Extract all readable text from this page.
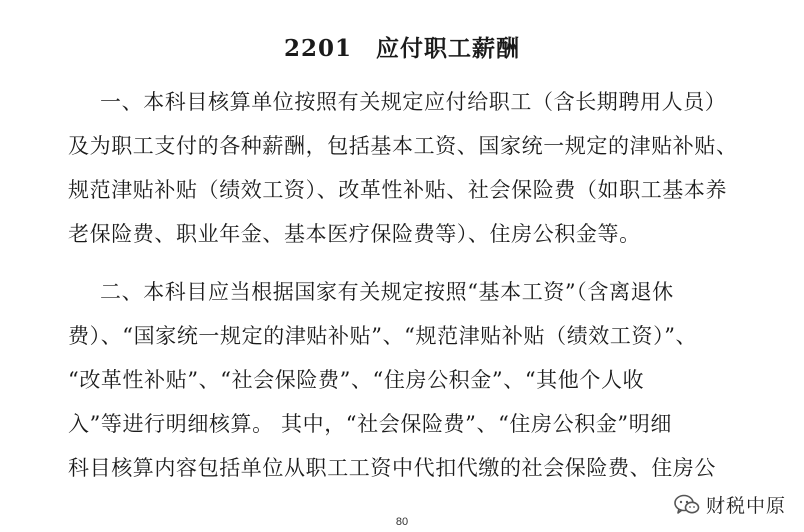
2201　应付职工薪酬
一、本科目核算单位按照有关规定应付给职工（含长期聘用人员）
及为职工支付的各种薪酬，包括基本工资、国家统一规定的津贴补贴、
规范津贴补贴（绩效工资）、改革性补贴、社会保险费（如职工基本养
老保险费、职业年金、基本医疗保险费等）、住房公积金等。
二、本科目应当根据国家有关规定按照“基本工资”（含离退休
费）、“国家统一规定的津贴补贴”、“规范津贴补贴（绩效工资）”、
“改革性补贴”、“社会保险费”、“住房公积金”、“其他个人收
入”等进行明细核算。 其中，“社会保险费”、“住房公积金”明细
科目核算内容包括单位从职工工资中代扣代缴的社会保险费、住房公
80
财税中原
